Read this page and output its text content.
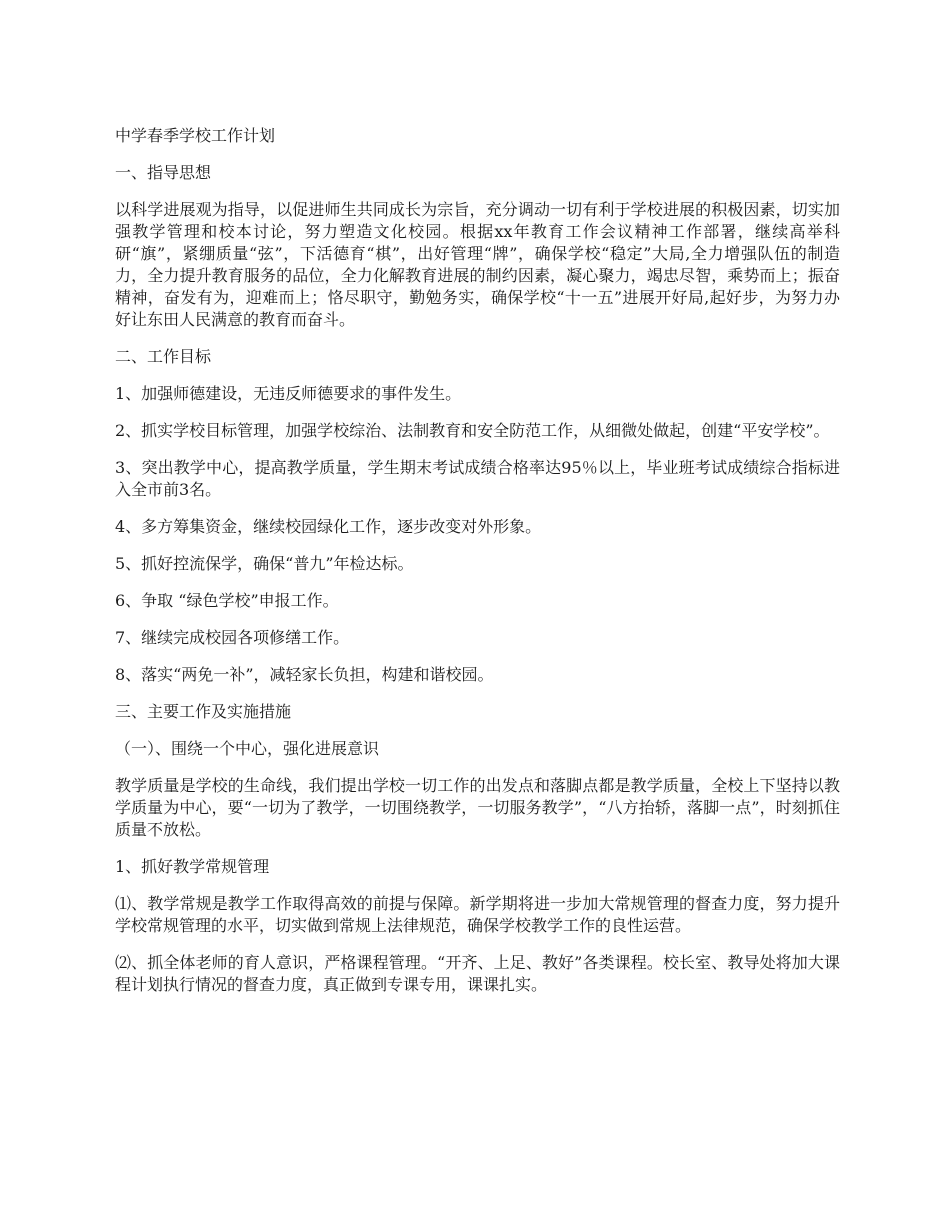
中学春季学校工作计划

一、指导思想

以科学进展观为指导，以促进师生共同成长为宗旨，充分调动一切有利于学校进展的积极因素，切实加强教学管理和校本讨论，努力塑造文化校园。根据xx年教育工作会议精神工作部署，继续高举科研“旗”，紧绷质量“弦”，下活德育“棋”，出好管理“牌”，确保学校“稳定”大局,全力增强队伍的制造力，全力提升教育服务的品位，全力化解教育进展的制约因素，凝心聚力，竭忠尽智，乘势而上；振奋精神，奋发有为，迎难而上；恪尽职守，勤勉务实，确保学校“十一五”进展开好局,起好步，为努力办好让东田人民满意的教育而奋斗。

二、工作目标

1、加强师德建设，无违反师德要求的事件发生。

2、抓实学校目标管理，加强学校综治、法制教育和安全防范工作，从细微处做起，创建“平安学校”。

3、突出教学中心，提高教学质量，学生期末考试成绩合格率达95％以上，毕业班考试成绩综合指标进入全市前3名。

4、多方筹集资金，继续校园绿化工作，逐步改变对外形象。

5、抓好控流保学，确保“普九”年检达标。

6、争取 “绿色学校”申报工作。

7、继续完成校园各项修缮工作。

8、落实“两免一补”，减轻家长负担，构建和谐校园。

三、主要工作及实施措施

（一）、围绕一个中心，强化进展意识

教学质量是学校的生命线，我们提出学校一切工作的出发点和落脚点都是教学质量，全校上下坚持以教学质量为中心，要“一切为了教学，一切围绕教学，一切服务教学”，“八方抬轿，落脚一点”，时刻抓住质量不放松。

1、抓好教学常规管理

⑴、教学常规是教学工作取得高效的前提与保障。新学期将进一步加大常规管理的督查力度，努力提升学校常规管理的水平，切实做到常规上法律规范，确保学校教学工作的良性运营。

⑵、抓全体老师的育人意识，严格课程管理。“开齐、上足、教好”各类课程。校长室、教导处将加大课程计划执行情况的督查力度，真正做到专课专用，课课扎实。
